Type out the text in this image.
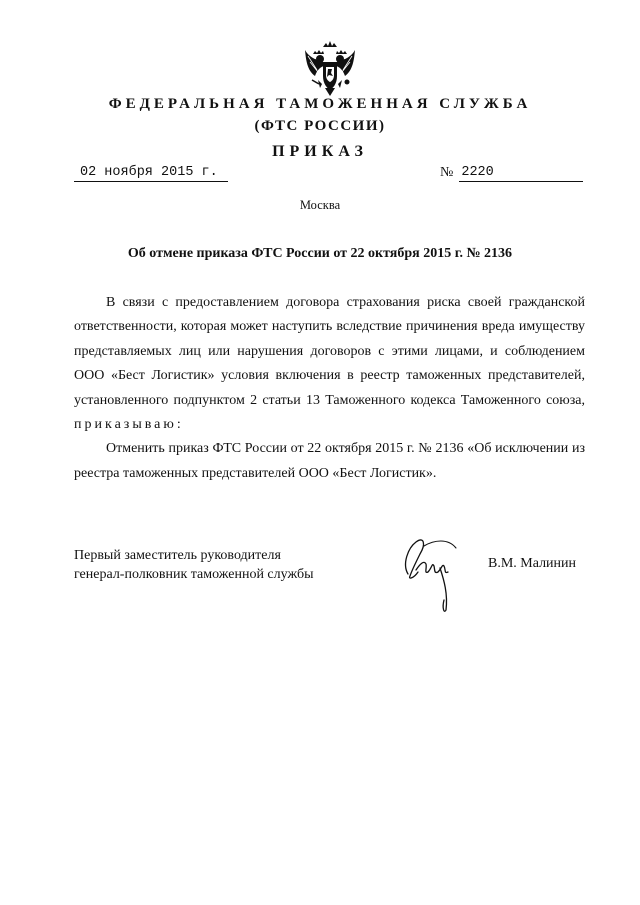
ФЕДЕРАЛЬНАЯ ТАМОЖЕННАЯ СЛУЖБА
(ФТС РОССИИ)
ПРИКАЗ
02 ноября 2015 г.	№ 2220
Москва
Об отмене приказа ФТС России от 22 октября 2015 г. № 2136

В связи с предоставлением договора страхования риска своей гражданской ответственности, которая может наступить вследствие причинения вреда имуществу представляемых лиц или нарушения договоров с этими лицами, и соблюдением ООО «Бест Логистик» условия включения в реестр таможенных представителей, установленного подпунктом 2 статьи 13 Таможенного кодекса Таможенного союза, приказываю:

Отменить приказ ФТС России от 22 октября 2015 г. № 2136 «Об исключении из реестра таможенных представителей ООО «Бест Логистик».

Первый заместитель руководителя
генерал-полковник таможенной службы
В.М. Малинин
